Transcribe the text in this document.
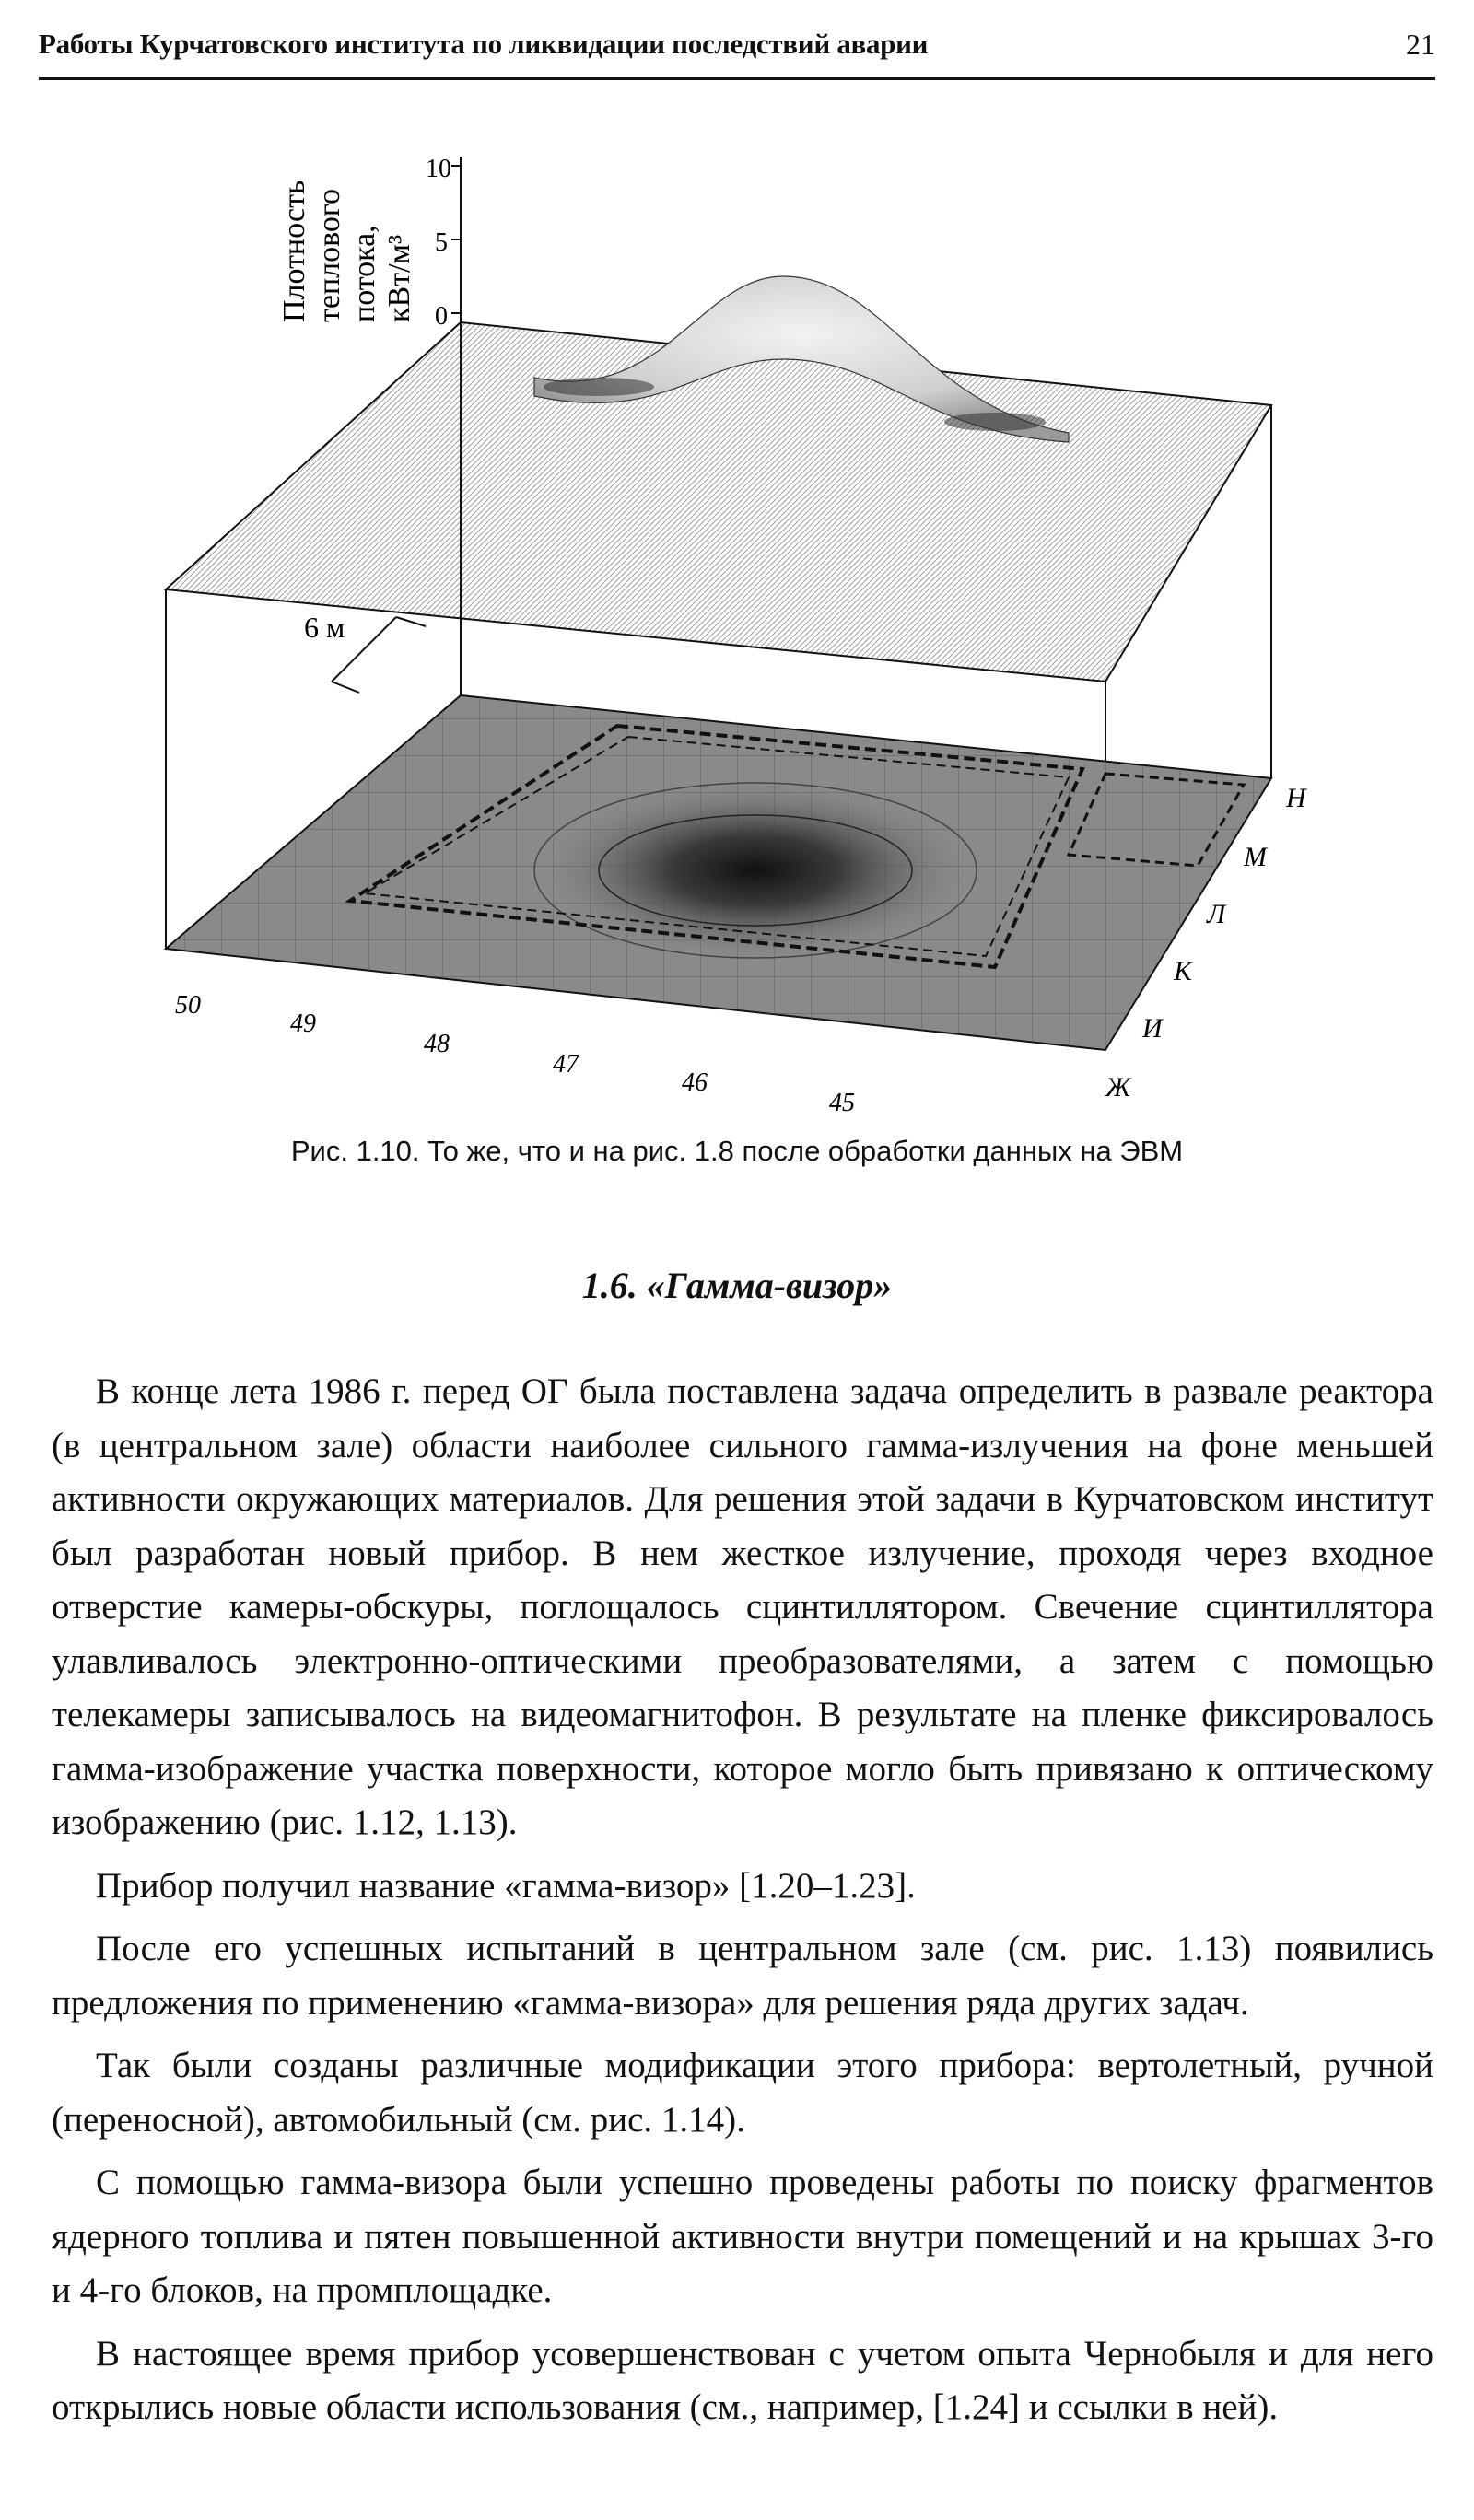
Работы Курчатовского института по ликвидации последствий аварии	21
10
5
0
Плотность теплового потока, кВт/м³
6 м
50
49
48
47
46
45
Н
М
Л
К
И
Ж
Рис. 1.10. То же, что и на рис. 1.8 после обработки данных на ЭВМ
1.6. «Гамма-визор»

В конце лета 1986 г. перед ОГ была поставлена задача определить в развале реактора (в центральном зале) области наиболее сильного гамма-излучения на фоне меньшей активности окружающих материалов. Для решения этой задачи в Курчатовском институт был разработан новый прибор. В нем жесткое излучение, проходя через входное отверстие камеры-обскуры, поглощалось сцинтиллятором. Свечение сцинтиллятора улавливалось электронно-оптическими преобразователями, а затем с помощью телекамеры записывалось на видеомагнитофон. В результате на пленке фиксировалось гамма-изображение участка поверхности, которое могло быть привязано к оптическому изображению (рис. 1.12, 1.13).

Прибор получил название «гамма-визор» [1.20–1.23].

После его успешных испытаний в центральном зале (см. рис. 1.13) появились предложения по применению «гамма-визора» для решения ряда других задач.

Так были созданы различные модификации этого прибора: вертолетный, ручной (переносной), автомобильный (см. рис. 1.14).

С помощью гамма-визора были успешно проведены работы по поиску фрагментов ядерного топлива и пятен повышенной активности внутри помещений и на крышах 3-го и 4-го блоков, на промплощадке.

В настоящее время прибор усовершенствован с учетом опыта Чернобыля и для него открылись новые области использования (см., например, [1.24] и ссылки в ней).
